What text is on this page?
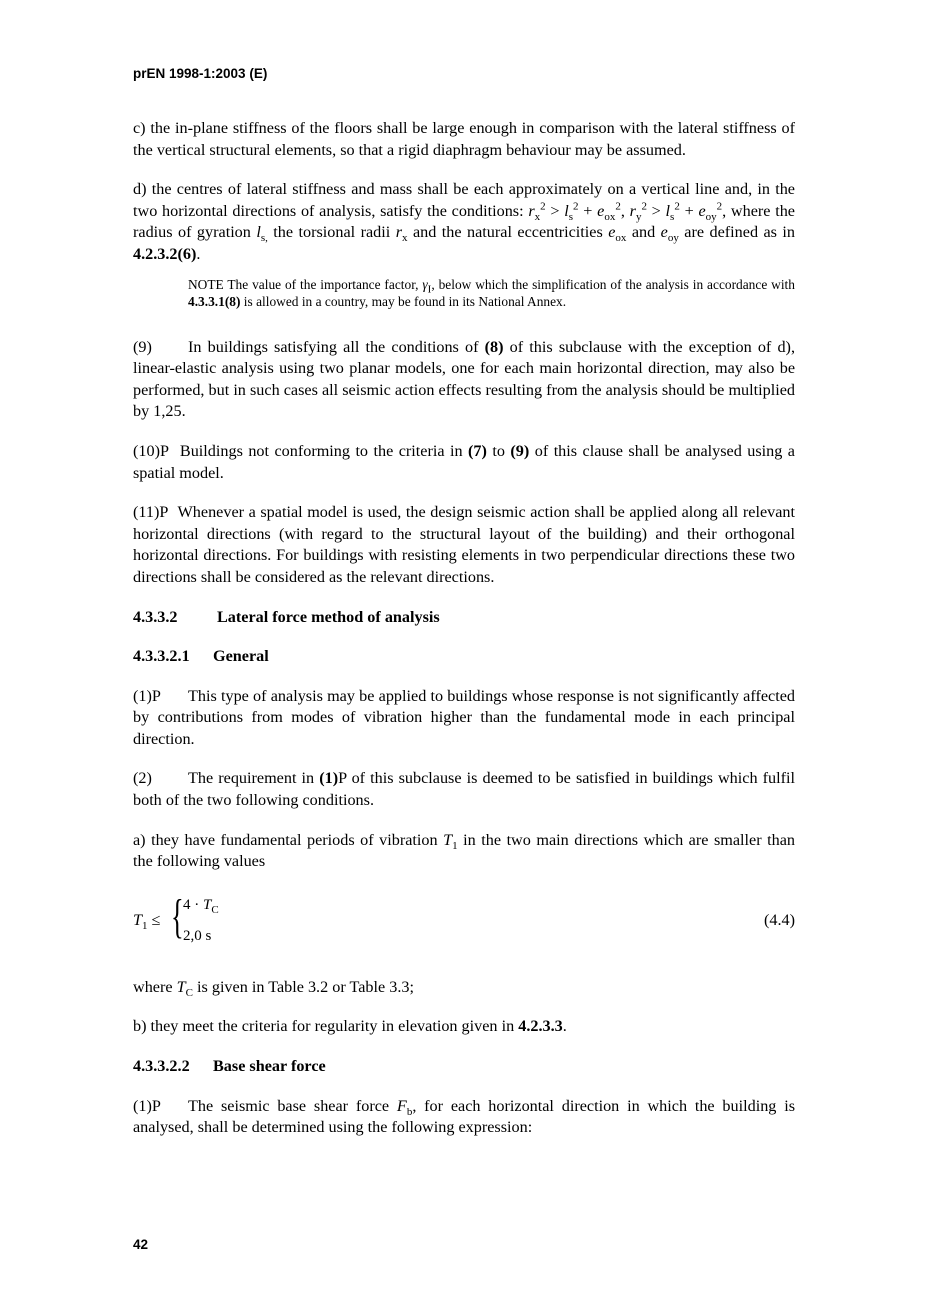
prEN 1998-1:2003 (E)

c) the in-plane stiffness of the floors shall be large enough in comparison with the lateral stiffness of the vertical structural elements, so that a rigid diaphragm behaviour may be assumed.

d) the centres of lateral stiffness and mass shall be each approximately on a vertical line and, in the two horizontal directions of analysis, satisfy the conditions: $r_x^2 > l_s^2 + e_{ox}^2$, $r_y^2 > l_s^2 + e_{oy}^2$, where the radius of gyration $l_{s,}$ the torsional radii $r_x$ and the natural eccentricities $e_{ox}$ and $e_{oy}$ are defined as in 4.2.3.2(6).

NOTE The value of the importance factor, $\gamma_I$, below which the simplification of the analysis in accordance with 4.3.3.1(8) is allowed in a country, may be found in its National Annex.

(9) In buildings satisfying all the conditions of (8) of this subclause with the exception of d), linear-elastic analysis using two planar models, one for each main horizontal direction, may also be performed, but in such cases all seismic action effects resulting from the analysis should be multiplied by 1,25.

(10)P Buildings not conforming to the criteria in (7) to (9) of this clause shall be analysed using a spatial model.

(11)P Whenever a spatial model is used, the design seismic action shall be applied along all relevant horizontal directions (with regard to the structural layout of the building) and their orthogonal horizontal directions. For buildings with resisting elements in two perpendicular directions these two directions shall be considered as the relevant directions.

4.3.3.2 Lateral force method of analysis
4.3.3.2.1 General

(1)P This type of analysis may be applied to buildings whose response is not significantly affected by contributions from modes of vibration higher than the fundamental mode in each principal direction.

(2) The requirement in (1)P of this subclause is deemed to be satisfied in buildings which fulfil both of the two following conditions.

a) they have fundamental periods of vibration $T_1$ in the two main directions which are smaller than the following values

$T_1$ ≤ { $4 \cdot T_C$
2,0 s
(4.4)

where $T_C$ is given in Table 3.2 or Table 3.3;

b) they meet the criteria for regularity in elevation given in 4.2.3.3.

4.3.3.2.2 Base shear force

(1)P The seismic base shear force $F_b$, for each horizontal direction in which the building is analysed, shall be determined using the following expression:

42
